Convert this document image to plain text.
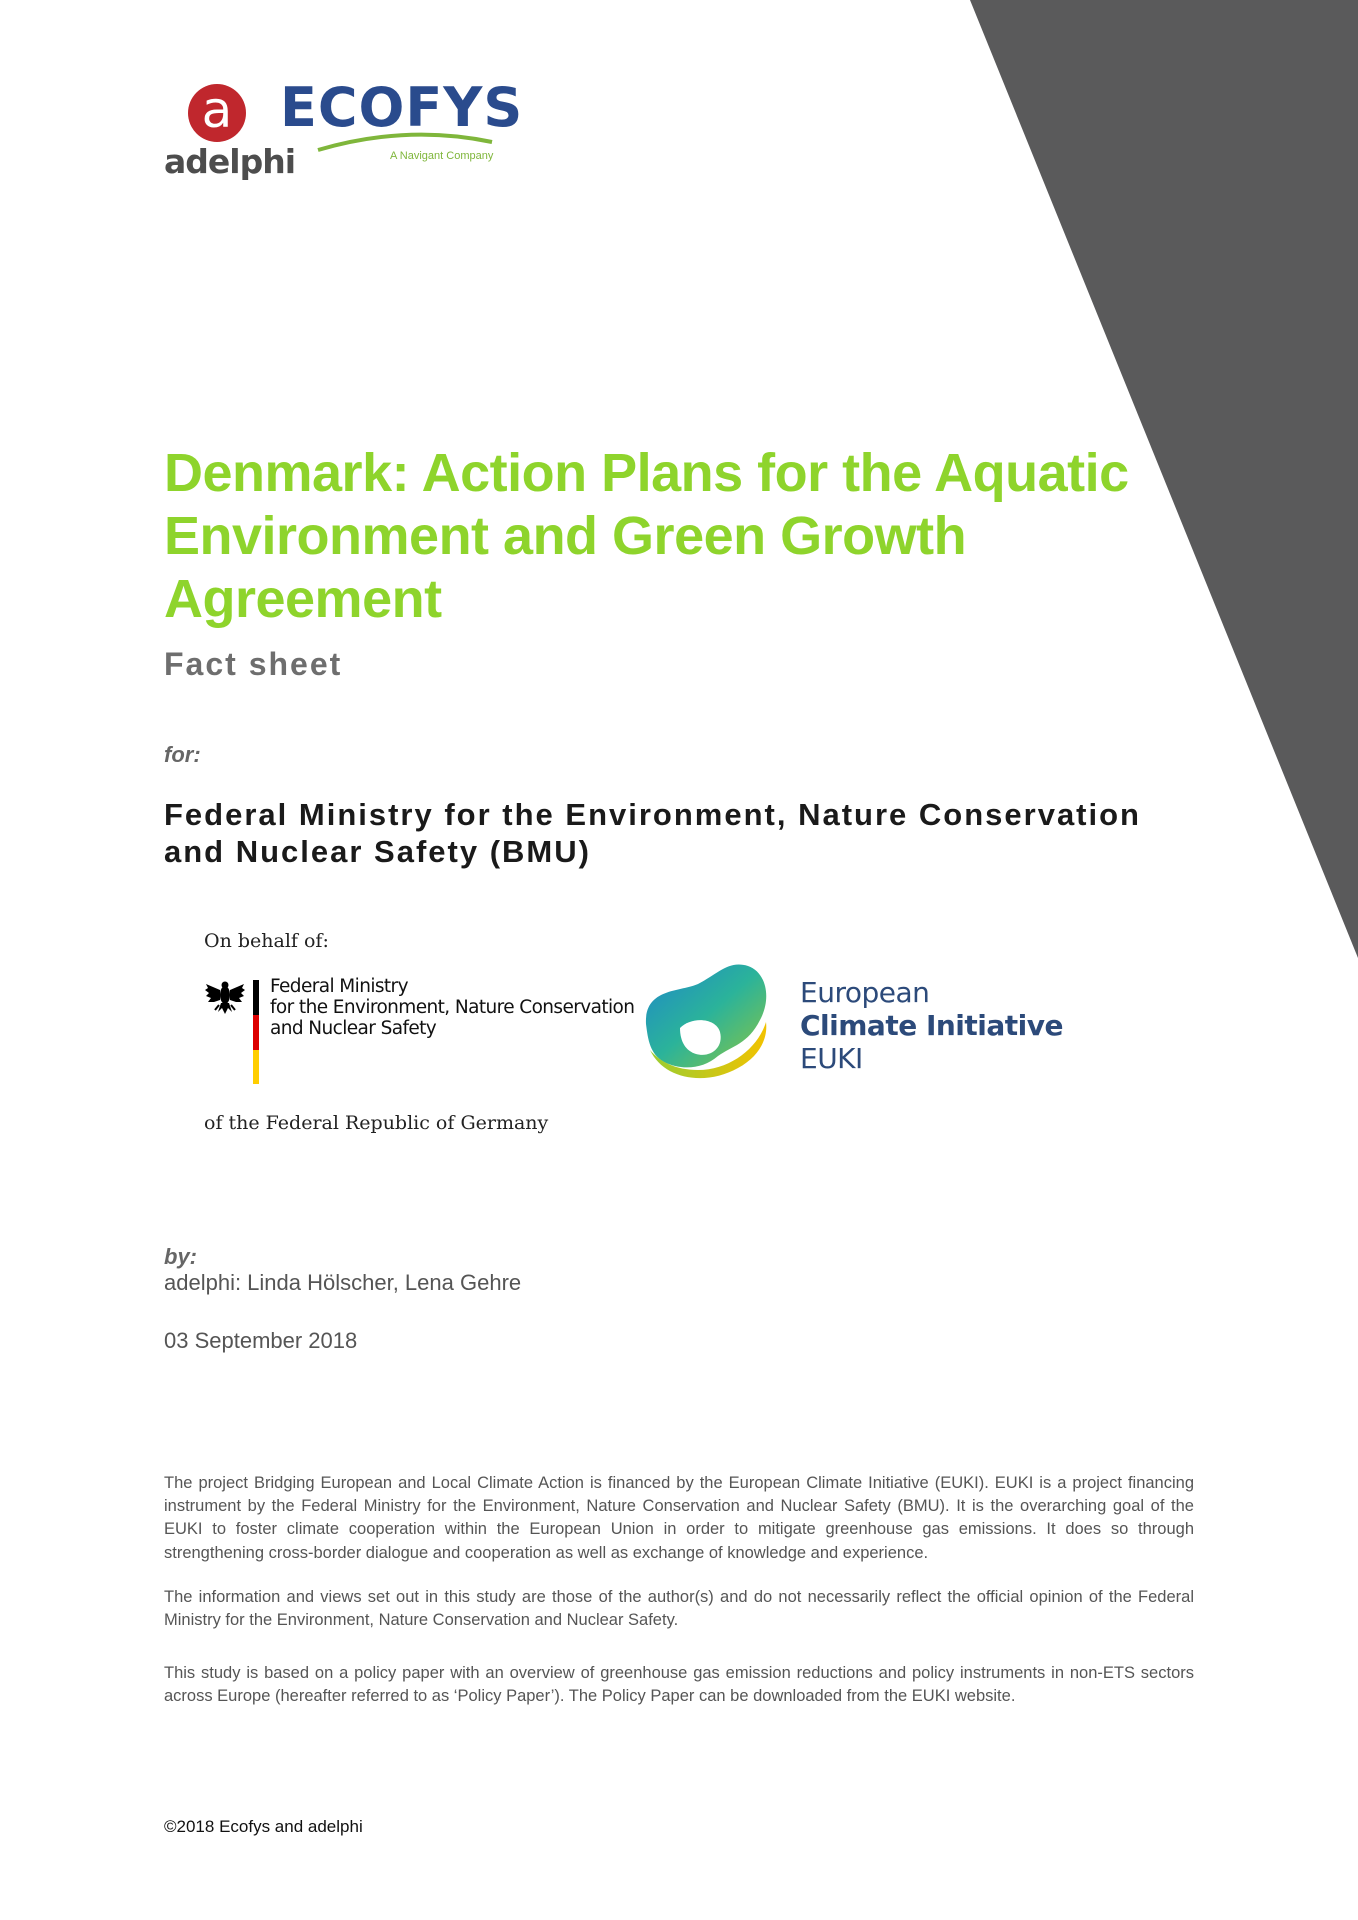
a
adelphi
ECOFYS
A Navigant Company
Denmark: Action Plans for the Aquatic
Environment and Green Growth
Agreement
Fact sheet
for:
Federal Ministry for the Environment, Nature Conservation
and Nuclear Safety (BMU)
On behalf of:
Federal Ministry
for the Environment, Nature Conservation
and Nuclear Safety
of the Federal Republic of Germany
European
Climate Initiative
EUKI
by:
adelphi: Linda Hölscher, Lena Gehre
03 September 2018

The project Bridging European and Local Climate Action is financed by the European Climate Initiative (EUKI). EUKI is a project financing instrument by the Federal Ministry for the Environment, Nature Conservation and Nuclear Safety (BMU). It is the overarching goal of the EUKI to foster climate cooperation within the European Union in order to mitigate greenhouse gas emissions. It does so through strengthening cross-border dialogue and cooperation as well as exchange of knowledge and experience.

The information and views set out in this study are those of the author(s) and do not necessarily reflect the official opinion of the Federal Ministry for the Environment, Nature Conservation and Nuclear Safety.

This study is based on a policy paper with an overview of greenhouse gas emission reductions and policy instruments in non-ETS sectors across Europe (hereafter referred to as ‘Policy Paper’). The Policy Paper can be downloaded from the EUKI website.

©2018 Ecofys and adelphi
